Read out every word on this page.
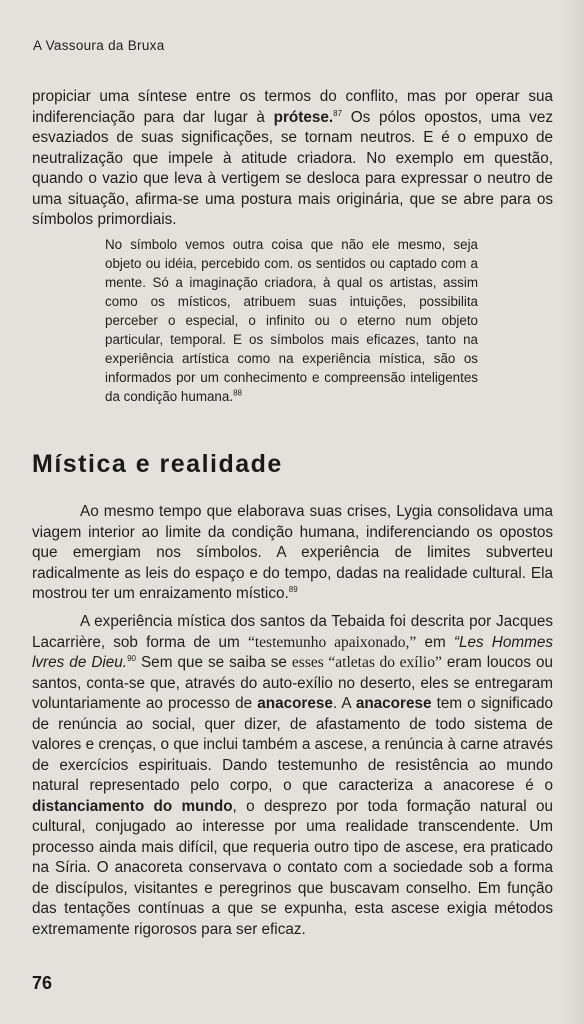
A Vassoura da Bruxa
propiciar uma síntese entre os termos do conflito, mas por operar sua indiferenciação para dar lugar à prótese.$^{87}$ Os pólos opostos, uma vez esvaziados de suas significações, se tornam neutros. E é o empuxo de neutralização que impele à atitude criadora. No exemplo em questão, quando o vazio que leva à vertigem se desloca para expressar o neutro de uma situação, afirma-se uma postura mais originária, que se abre para os símbolos primordiais.
No símbolo vemos outra coisa que não ele mesmo, seja objeto ou idéia, percebido com. os sentidos ou captado com a mente. Só a imaginação criadora, à qual os artistas, assim como os místicos, atribuem suas intuições, possibilita perceber o especial, o infinito ou o eterno num objeto particular, temporal. E os símbolos mais eficazes, tanto na experiência artística como na experiência mística, são os informados por um conhecimento e compreensão inteligentes da condição humana.$^{88}$
Mística e realidade
Ao mesmo tempo que elaborava suas crises, Lygia consolidava uma viagem interior ao limite da condição humana, indiferenciando os opostos que emergiam nos símbolos. A experiência de limites subverteu radicalmente as leis do espaço e do tempo, dadas na realidade cultural. Ela mostrou ter um enraizamento místico.$^{89}$
A experiência mística dos santos da Tebaida foi descrita por Jacques Lacarrière, sob forma de um “testemunho apaixonado,” em “Les Hommes lvres de Dieu.$^{90}$ Sem que se saiba se esses “atletas do exílio” eram loucos ou santos, conta-se que, através do auto-exílio no deserto, eles se entregaram voluntariamente ao processo de anacorese. A anacorese tem o significado de renúncia ao social, quer dizer, de afastamento de todo sistema de valores e crenças, o que inclui também a ascese, a renúncia à carne através de exercícios espirituais. Dando testemunho de resistência ao mundo natural representado pelo corpo, o que caracteriza a anacorese é o distanciamento do mundo, o desprezo por toda formação natural ou cultural, conjugado ao interesse por uma realidade transcendente. Um processo ainda mais difícil, que requeria outro tipo de ascese, era praticado na Síria. O anacoreta conservava o contato com a sociedade sob a forma de discípulos, visitantes e peregrinos que buscavam conselho. Em função das tentações contínuas a que se expunha, esta ascese exigia métodos extremamente rigorosos para ser eficaz.
76
